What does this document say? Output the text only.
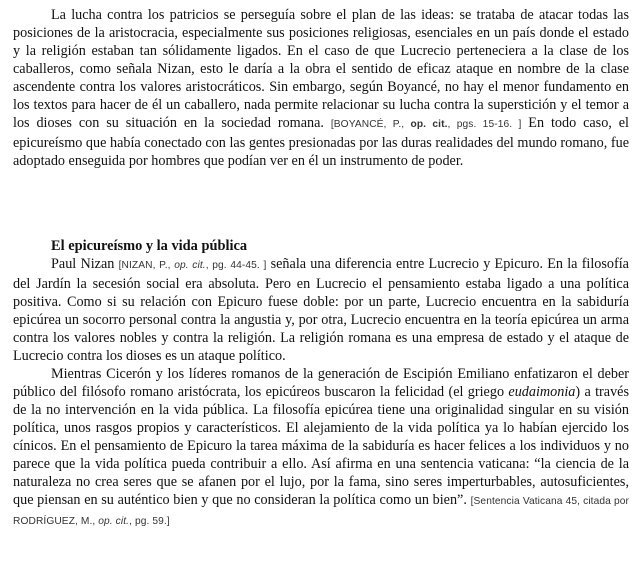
La lucha contra los patricios se perseguía sobre el plan de las ideas: se trataba de atacar todas las posiciones de la aristocracia, especialmente sus posiciones religiosas, esenciales en un país donde el estado y la religión estaban tan sólidamente ligados. En el caso de que Lucrecio perteneciera a la clase de los caballeros, como señala Nizan, esto le daría a la obra el sentido de eficaz ataque en nombre de la clase ascendente contra los valores aristocráticos. Sin embargo, según Boyancé, no hay el menor fundamento en los textos para hacer de él un caballero, nada permite relacionar su lucha contra la superstición y el temor a los dioses con su situación en la sociedad romana. [BOYANCÉ, P., op. cit., pgs. 15-16. ] En todo caso, el epicureísmo que había conectado con las gentes presionadas por las duras realidades del mundo romano, fue adoptado enseguida por hombres que podían ver en él un instrumento de poder.

El epicureísmo y la vida pública

Paul Nizan [NIZAN, P., op. cit., pg. 44-45. ] señala una diferencia entre Lucrecio y Epicuro. En la filosofía del Jardín la secesión social era absoluta. Pero en Lucrecio el pensamiento estaba ligado a una política positiva. Como si su relación con Epicuro fuese doble: por un parte, Lucrecio encuentra en la sabiduría epicúrea un socorro personal contra la angustia y, por otra, Lucrecio encuentra en la teoría epicúrea un arma contra los valores nobles y contra la religión. La religión romana es una empresa de estado y el ataque de Lucrecio contra los dioses es un ataque político.

Mientras Cicerón y los líderes romanos de la generación de Escipión Emiliano enfatizaron el deber público del filósofo romano aristócrata, los epicúreos buscaron la felicidad (el griego eudaimonia) a través de la no intervención en la vida pública. La filosofía epicúrea tiene una originalidad singular en su visión política, unos rasgos propios y característicos. El alejamiento de la vida política ya lo habían ejercido los cínicos. En el pensamiento de Epicuro la tarea máxima de la sabiduría es hacer felices a los individuos y no parece que la vida política pueda contribuir a ello. Así afirma en una sentencia vaticana: “la ciencia de la naturaleza no crea seres que se afanen por el lujo, por la fama, sino seres imperturbables, autosuficientes, que piensan en su auténtico bien y que no consideran la política como un bien”. [Sentencia Vaticana 45, citada por RODRÍGUEZ, M., op. cit., pg. 59.]
